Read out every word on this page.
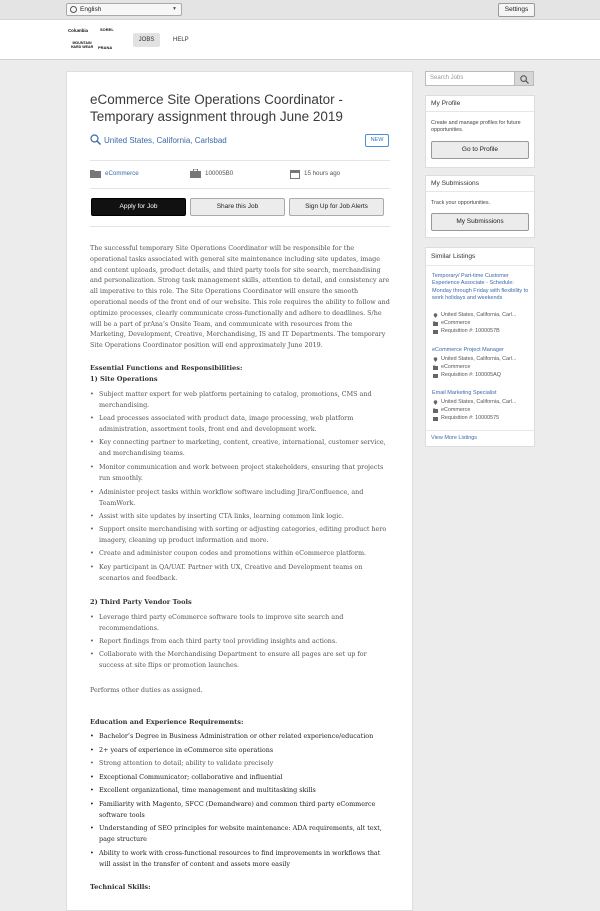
English	▼	Settings
Columbia	SOREL
MOUNTAIN HARD WEAR	PRANA
JOBS	HELP
eCommerce Site Operations Coordinator - Temporary assignment through June 2019
United States, California, Carlsbad	NEW
eCommerce	100005B0	15 hours ago
Apply for Job	Share this Job	Sign Up for Job Alerts
The successful temporary Site Operations Coordinator will be responsible for the operational tasks associated with general site maintenance including site updates, image and content uploads, product details, and third party tools for site search, merchandising and personalization. Strong task management skills, attention to detail, and consistency are all imperative to this role. The Site Operations Coordinator will ensure the smooth operational needs of the front end of our website. This role requires the ability to follow and optimize processes, clearly communicate cross-functionally and adhere to deadlines. S/he will be a part of prAna’s Onsite Team, and communicate with resources from the Marketing, Development, Creative, Merchandising, IS and IT Departments. The temporary Site Operations Coordinator position will end approximately June 2019.
Essential Functions and Responsibilities:
1) Site Operations
• Subject matter expert for web platform pertaining to catalog, promotions, CMS and merchandising.
• Lead processes associated with product data, image processing, web platform administration, assortment tools, front end and development work.
• Key connecting partner to marketing, content, creative, international, customer service, and merchandising teams.
• Monitor communication and work between project stakeholders, ensuring that projects run smoothly.
• Administer project tasks within workflow software including Jira/Confluence, and TeamWork.
• Assist with site updates by inserting CTA links, learning common link logic.
• Support onsite merchandising with sorting or adjusting categories, editing product hero imagery, cleaning up product information and more.
• Create and administer coupon codes and promotions within eCommerce platform.
• Key participant in QA/UAT. Partner with UX, Creative and Development teams on scenarios and feedback.
2) Third Party Vendor Tools
• Leverage third party eCommerce software tools to improve site search and recommendations.
• Report findings from each third party tool providing insights and actions.
• Collaborate with the Merchandising Department to ensure all pages are set up for success at site flips or promotion launches.
Performs other duties as assigned.
Education and Experience Requirements:
• Bachelor’s Degree in Business Administration or other related experience/education
• 2+ years of experience in eCommerce site operations
• Strong attention to detail; ability to validate precisely
• Exceptional Communicator; collaborative and influential
• Excellent organizational, time management and multitasking skills
• Familiarity with Magento, SFCC (Demandware) and common third party eCommerce software tools
• Understanding of SEO principles for website maintenance: ADA requirements, alt text, page structure
• Ability to work with cross-functional resources to find improvements in workflows that will assist in the transfer of content and assets more easily
Technical Skills:
Search Jobs
My Profile
Create and manage profiles for future opportunities.
Go to Profile
My Submissions
Track your opportunities.
My Submissions
Similar Listings
Temporary/ Part-time Customer Experience Associate - Schedule: Monday through Friday with flexibility to work holidays and weekends
United States, California, Carl...
eCommerce
Requisition #: 1000057B
eCommerce Project Manager
United States, California, Carl...
eCommerce
Requisition #: 100005AQ
Email Marketing Specialist
United States, California, Carl...
eCommerce
Requisition #: 10000575
View More Listings
